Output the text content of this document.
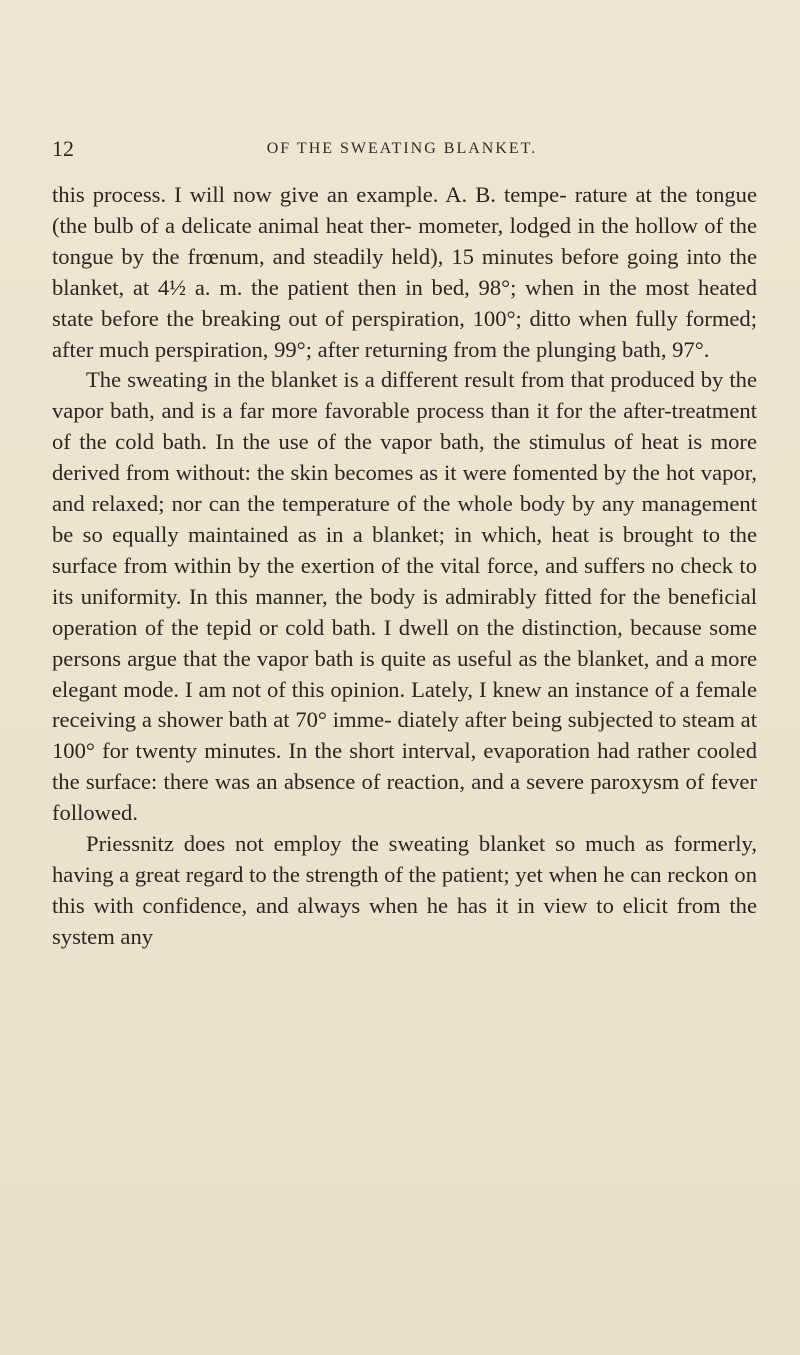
12	OF THE SWEATING BLANKET.

this process. I will now give an example. A. B. tempe- rature at the tongue (the bulb of a delicate animal heat ther- mometer, lodged in the hollow of the tongue by the frœnum, and steadily held), 15 minutes before going into the blanket, at 4½ a. m. the patient then in bed, 98°; when in the most heated state before the breaking out of perspiration, 100°; ditto when fully formed; after much perspiration, 99°; after returning from the plunging bath, 97°.

The sweating in the blanket is a different result from that produced by the vapor bath, and is a far more favorable process than it for the after-treatment of the cold bath. In the use of the vapor bath, the stimulus of heat is more derived from without: the skin becomes as it were fomented by the hot vapor, and relaxed; nor can the temperature of the whole body by any management be so equally maintained as in a blanket; in which, heat is brought to the surface from within by the exertion of the vital force, and suffers no check to its uniformity. In this manner, the body is admirably fitted for the beneficial operation of the tepid or cold bath. I dwell on the distinction, because some persons argue that the vapor bath is quite as useful as the blanket, and a more elegant mode. I am not of this opinion. Lately, I knew an instance of a female receiving a shower bath at 70° imme- diately after being subjected to steam at 100° for twenty minutes. In the short interval, evaporation had rather cooled the surface: there was an absence of reaction, and a severe paroxysm of fever followed.

Priessnitz does not employ the sweating blanket so much as formerly, having a great regard to the strength of the patient; yet when he can reckon on this with confidence, and always when he has it in view to elicit from the system any
